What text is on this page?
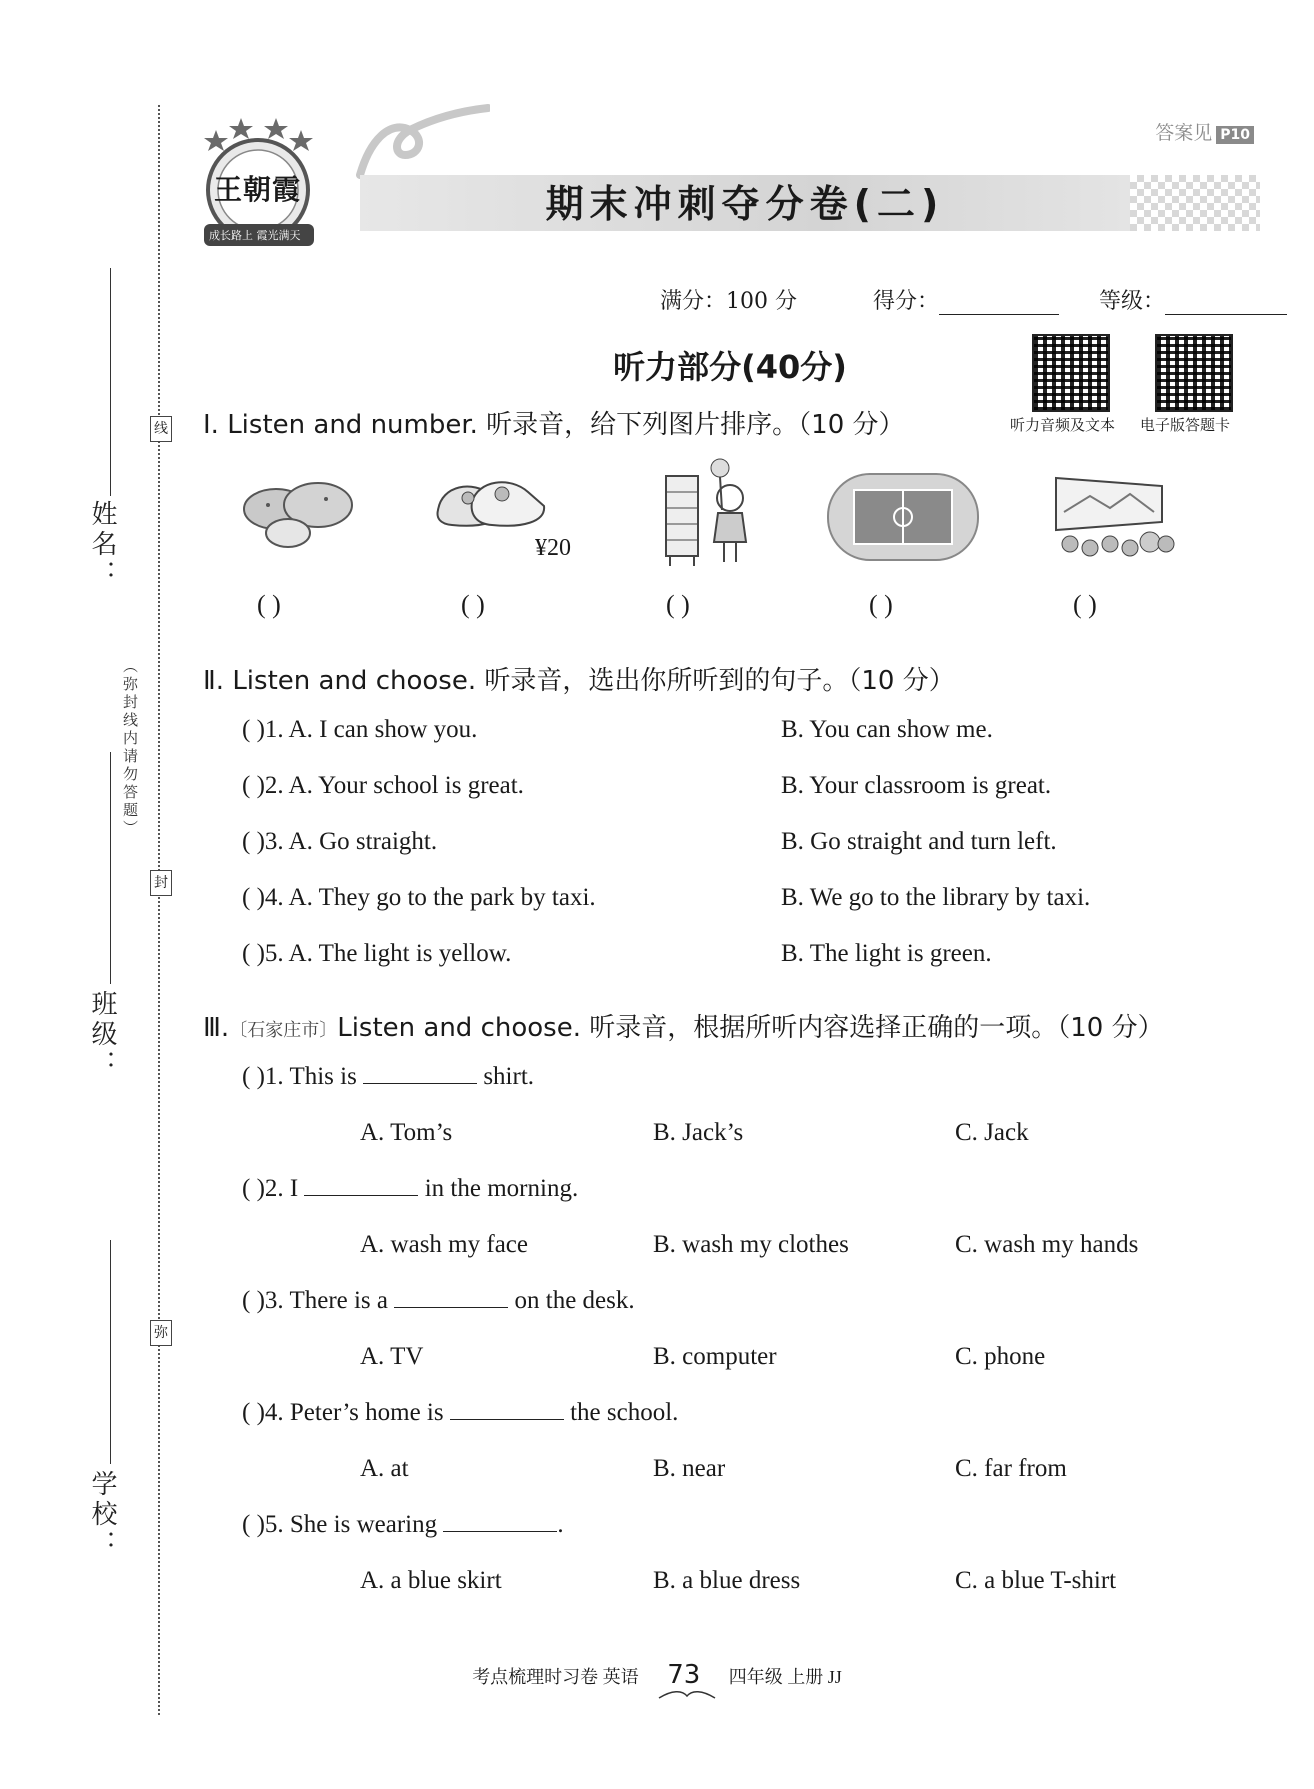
姓名：
班级：
学校：
（弥封线内请勿答题）
线
封
弥
王朝霞
成长路上 霞光满天
期末冲刺夺分卷(二)
答案见 P10
满分：100 分	得分：	等级：
听力部分(40分)
听力音频及文本 电子版答题卡
Ⅰ. Listen and number. 听录音，给下列图片排序。（10 分）
¥20
( )	( )	( )	( )	( )
Ⅱ. Listen and choose. 听录音，选出你所听到的句子。（10 分）
( )1. A. I can show you.	B. You can show me.
( )2. A. Your school is great.	B. Your classroom is great.
( )3. A. Go straight.	B. Go straight and turn left.
( )4. A. They go to the park by taxi.	B. We go to the library by taxi.
( )5. A. The light is yellow.	B. The light is green.
Ⅲ.〔石家庄市〕Listen and choose. 听录音，根据所听内容选择正确的一项。（10 分）
( )1. This is	shirt.
A. Tom’s	B. Jack’s	C. Jack
( )2. I	in the morning.
A. wash my face	B. wash my clothes	C. wash my hands
( )3. There is a	on the desk.
A. TV	B. computer	C. phone
( )4. Peter’s home is	the school.
A. at	B. near	C. far from
( )5. She is wearing	.
A. a blue skirt	B. a blue dress	C. a blue T-shirt
考点梳理时习卷 英语 73 四年级 上册 JJ
